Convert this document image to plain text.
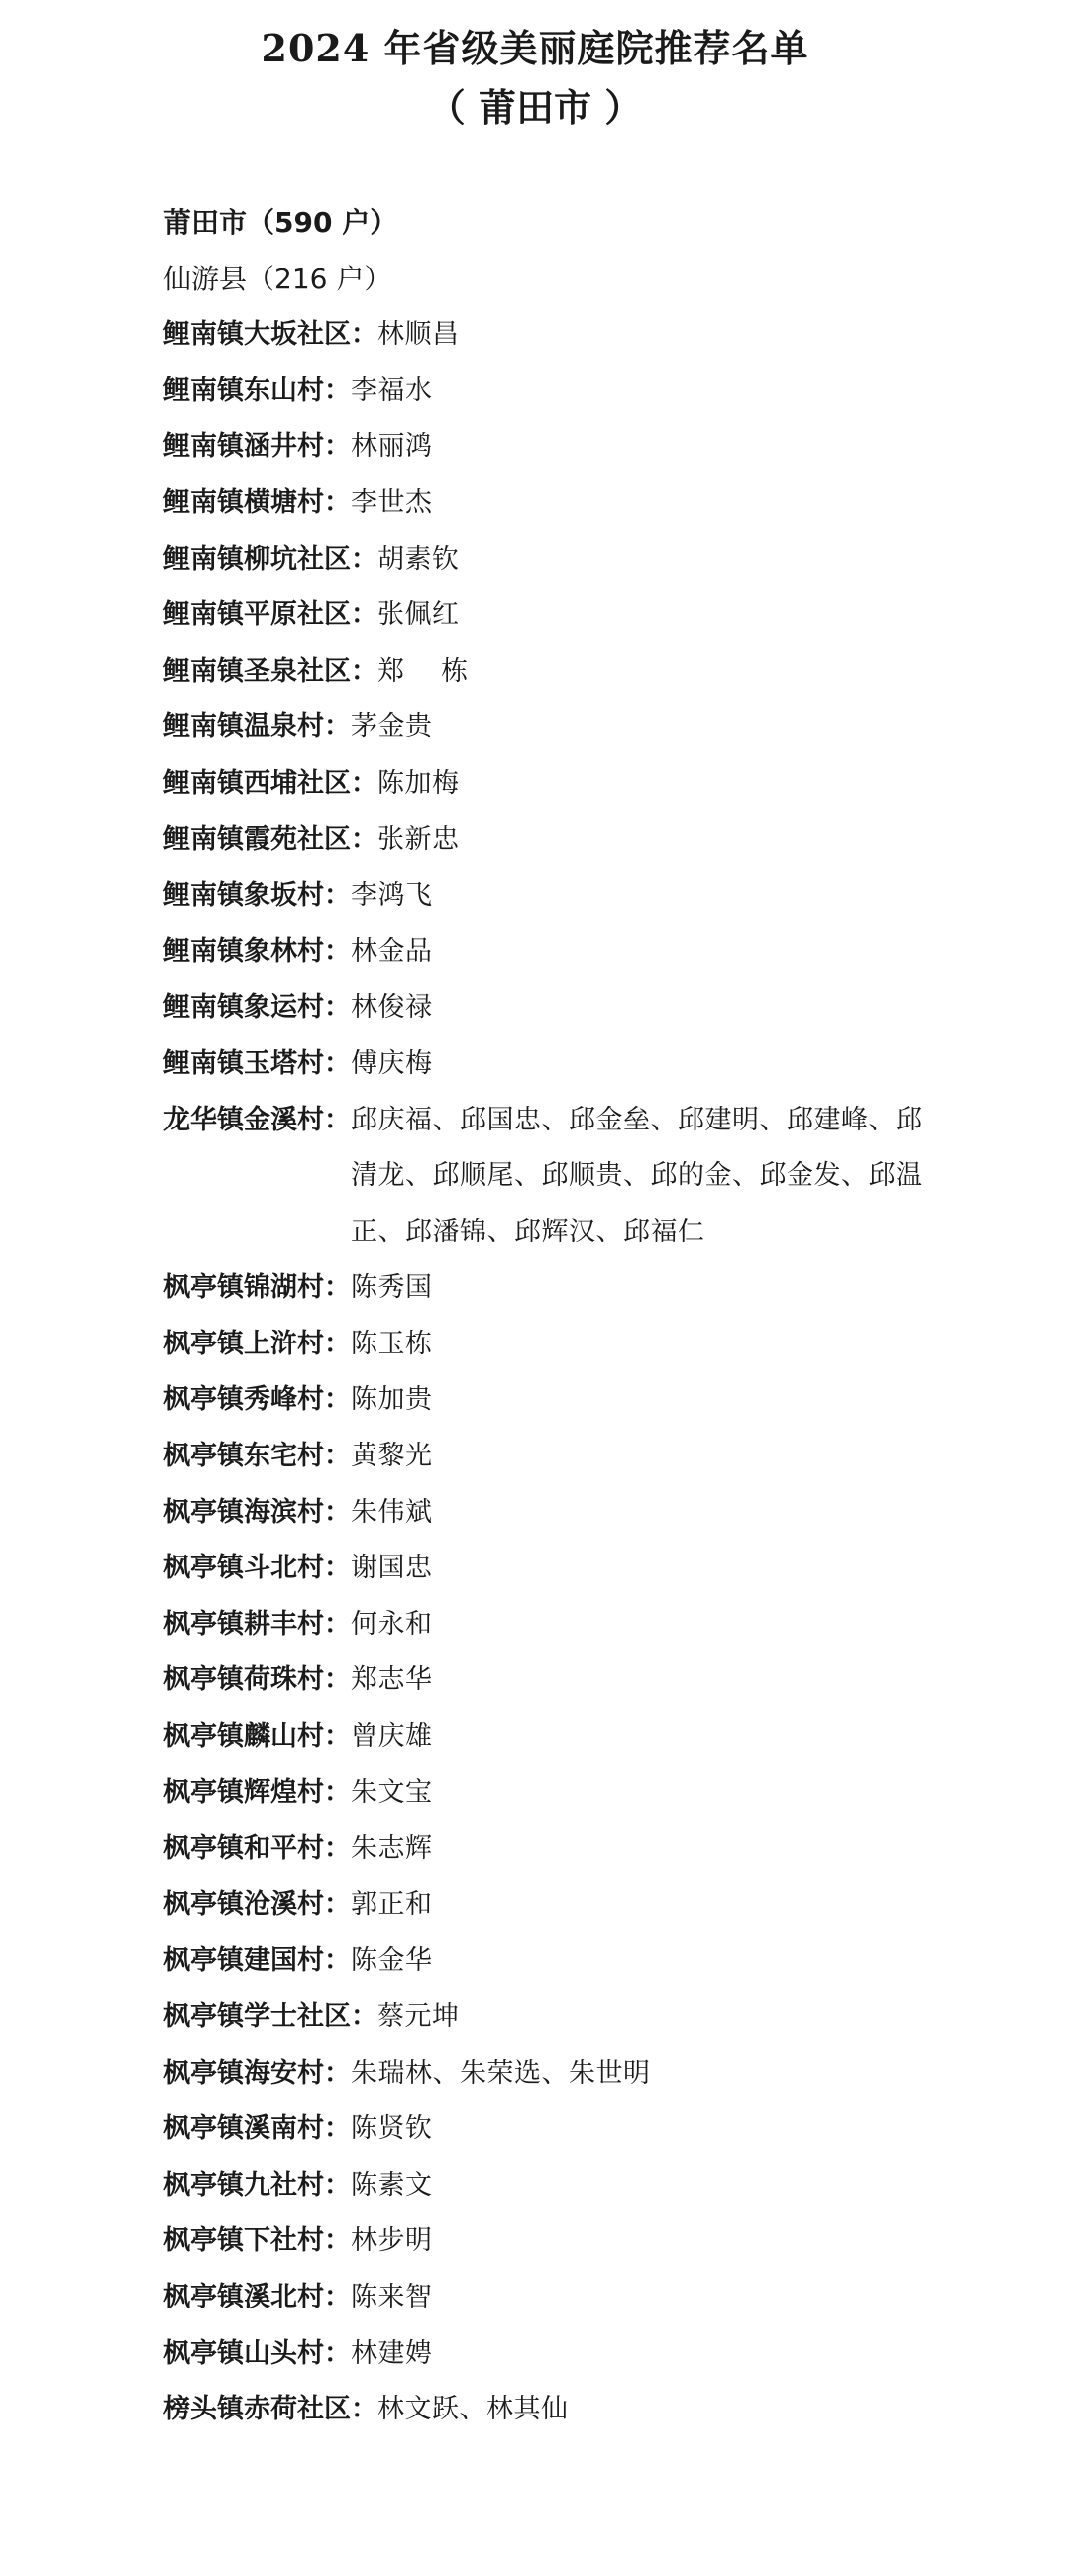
2024 年省级美丽庭院推荐名单
（ 莆田市 ）
莆田市（590 户）
仙游县（216 户）
鲤南镇大坂社区 ： 林顺昌
鲤南镇东山村 ： 李福水
鲤南镇涵井村 ： 林丽鸿
鲤南镇横塘村 ： 李世杰
鲤南镇柳坑社区 ： 胡素钦
鲤南镇平原社区 ： 张佩红
鲤南镇圣泉社区 ： 郑　 栋
鲤南镇温泉村 ： 茅金贵
鲤南镇西埔社区 ： 陈加梅
鲤南镇霞苑社区 ： 张新忠
鲤南镇象坂村 ： 李鸿飞
鲤南镇象林村 ： 林金品
鲤南镇象运村 ： 林俊禄
鲤南镇玉塔村 ： 傅庆梅
龙华镇金溪村 ： 邱庆福、邱国忠、邱金垒、邱建明、邱建峰、邱清龙、邱顺尾、邱顺贵、邱的金、邱金发、邱温正、邱潘锦、邱辉汉、邱福仁
枫亭镇锦湖村 ： 陈秀国
枫亭镇上浒村 ： 陈玉栋
枫亭镇秀峰村 ： 陈加贵
枫亭镇东宅村 ： 黄黎光
枫亭镇海滨村 ： 朱伟斌
枫亭镇斗北村 ： 谢国忠
枫亭镇耕丰村 ： 何永和
枫亭镇荷珠村 ： 郑志华
枫亭镇麟山村 ： 曾庆雄
枫亭镇辉煌村 ： 朱文宝
枫亭镇和平村 ： 朱志辉
枫亭镇沧溪村 ： 郭正和
枫亭镇建国村 ： 陈金华
枫亭镇学士社区 ： 蔡元坤
枫亭镇海安村 ： 朱瑞林、朱荣选、朱世明
枫亭镇溪南村 ： 陈贤钦
枫亭镇九社村 ： 陈素文
枫亭镇下社村 ： 林步明
枫亭镇溪北村 ： 陈来智
枫亭镇山头村 ： 林建娉
榜头镇赤荷社区 ： 林文跃、林其仙
